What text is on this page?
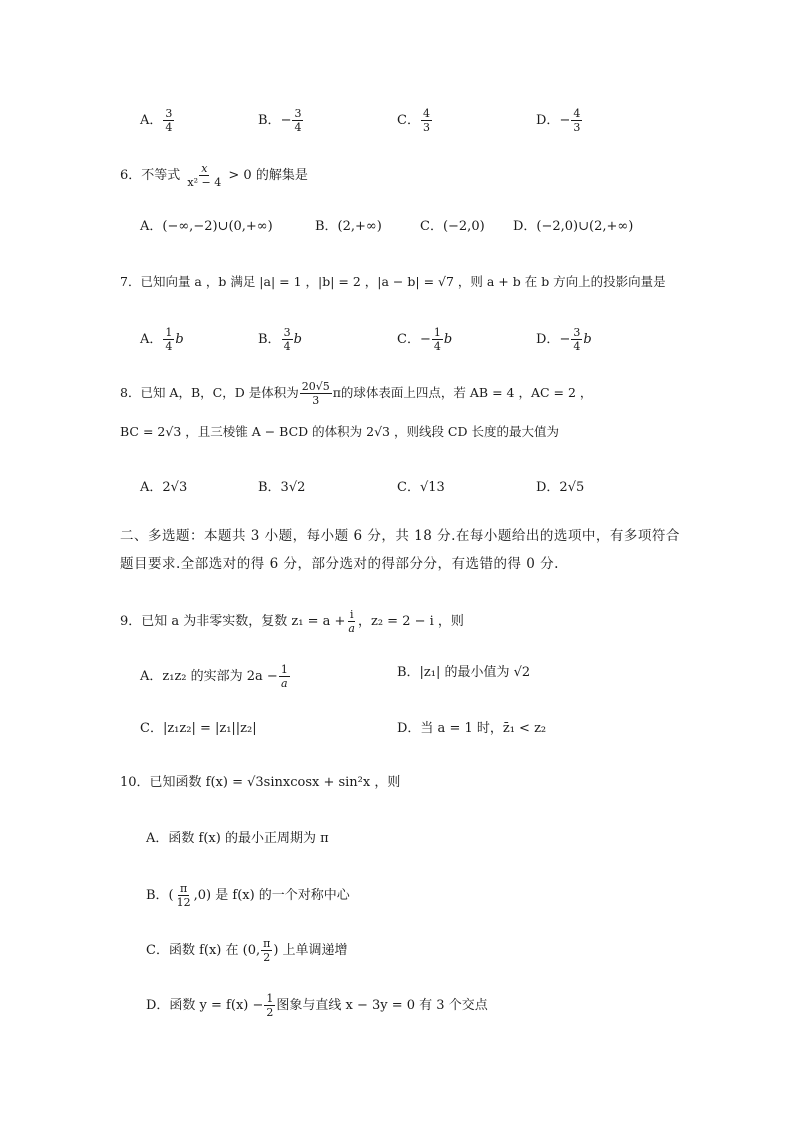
A． $\frac{3}{4}$	B．− $\frac{3}{4}$	C． $\frac{4}{3}$	D．− $\frac{4}{3}$
6．不等式 $\frac{x}{\text{x² − 4}} > 0$ 的解集是
A．(−∞,−2)∪(0,+∞)	B．(2,+∞)	C．(−2,0) D．(−2,0)∪(2,+∞)
7．已知向量 a ，b 满足 |a| = 1 ，|b| = 2 ，|a − b| = √7 ，则 a + b 在 b 方向上的投影向量是
A． $\frac{1}{4}$ b	B． $\frac{3}{4}$ b	C．− $\frac{1}{4}$ b	D．− $\frac{3}{4}$ b
8．已知 A，B，C，D 是体积为 $\frac{20√5}{3}$ π的球体表面上四点，若 AB = 4 ，AC = 2 ，
BC = 2√3 ，且三棱锥 A − BCD 的体积为 2√3 ，则线段 CD 长度的最大值为
A．2√3	B．3√2	C．√13	D．2√5
二、多选题：本题共 3 小题，每小题 6 分，共 18 分.在每小题给出的选项中，有多项符合题目要求.全部选对的得 6 分，部分选对的得部分分，有选错的得 0 分.
9．已知 a 为非零实数，复数 $z_1 = a + \frac{i}{a}$ ，z₂ = 2 − i ，则
A．z₁z₂ 的实部为 $2a - \frac{1}{a}$	B．|z₁| 的最小值为 √2
C．|z₁z₂| = |z₁||z₂|	D．当 a = 1 时，z̄₁ < z₂
10．已知函数 f(x) = √3sinxcosx + sin²x ，则
A．函数 f(x) 的最小正周期为 π
B．( $\frac{\pi}{12} ,0$) 是 f(x) 的一个对称中心
C．函数 f(x) 在 (0, $\frac{\pi}{2}$ ) 上单调递增
D．函数 $y = f(x) - \frac{1}{2}$ 图象与直线 x − 3y = 0 有 3 个交点
